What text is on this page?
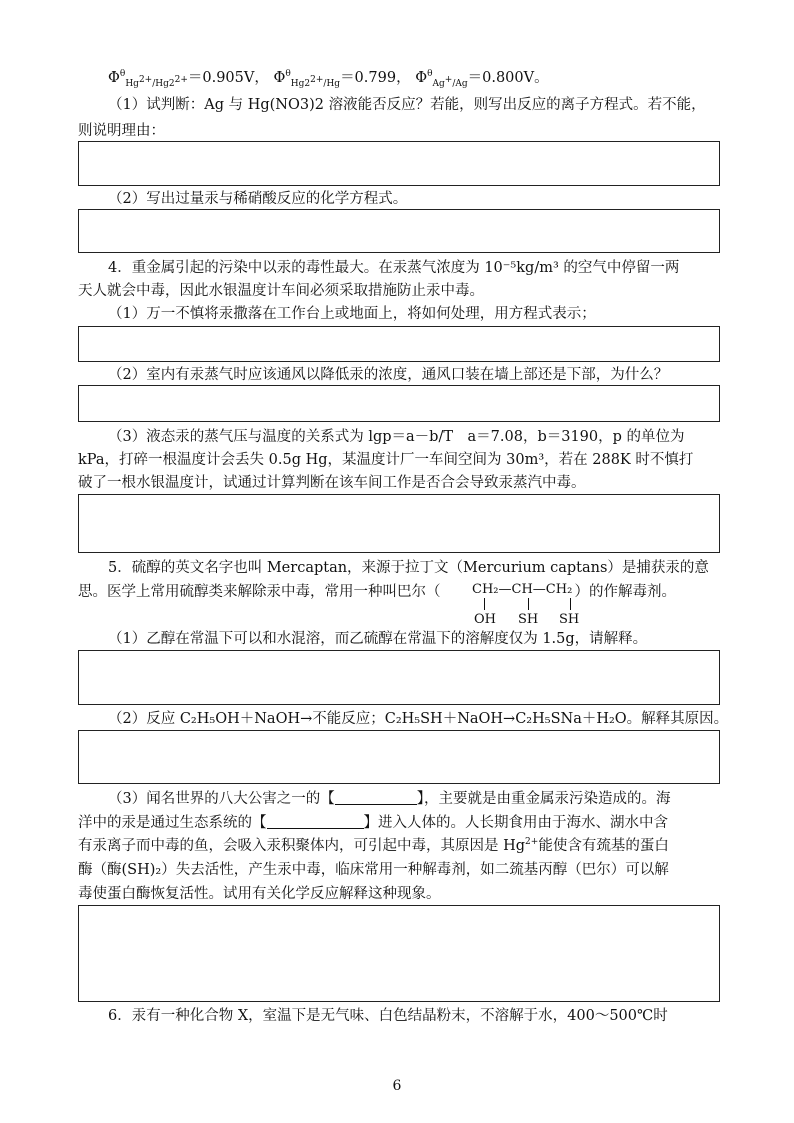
$\Phi^\theta_{Hg^{2+}/Hg2^{2+}}=0.905V$， $\Phi^\theta_{Hg2^{2+}/Hg}=0.799$， $\Phi^\theta_{Ag^+/Ag}=0.800V$。
（1）试判断：Ag 与 Hg(NO3)2 溶液能否反应？若能，则写出反应的离子方程式。若不能，
则说明理由：
（2）写出过量汞与稀硝酸反应的化学方程式。
4．重金属引起的污染中以汞的毒性最大。在汞蒸气浓度为 10⁻⁵kg/m³ 的空气中停留一两
天人就会中毒，因此水银温度计车间必须采取措施防止汞中毒。
（1）万一不慎将汞撒落在工作台上或地面上，将如何处理，用方程式表示；
（2）室内有汞蒸气时应该通风以降低汞的浓度，通风口装在墙上部还是下部，为什么？
（3）液态汞的蒸气压与温度的关系式为 lgp＝a－b/T　a＝7.08，b＝3190，p 的单位为
kPa，打碎一根温度计会丢失 0.5g Hg，某温度计厂一车间空间为 30m³，若在 288K 时不慎打
破了一根水银温度计，试通过计算判断在该车间工作是否合会导致汞蒸汽中毒。
5．硫醇的英文名字也叫 Mercaptan，来源于拉丁文（Mercurium captans）是捕获汞的意
思。医学上常用硫醇类来解除汞中毒，常用一种叫巴尔（	）的作解毒剂。
CH₂—CH—CH₂
OH SH SH
（1）乙醇在常温下可以和水混溶，而乙硫醇在常温下的溶解度仅为 1.5g，请解释。
（2）反应 C₂H₅OH＋NaOH→不能反应；C₂H₅SH＋NaOH→C₂H₅SNa＋H₂O。解释其原因。
（3）闻名世界的八大公害之一的【	】，主要就是由重金属汞污染造成的。海
洋中的汞是通过生态系统的【	】进入人体的。人长期食用由于海水、湖水中含
有汞离子而中毒的鱼，会吸入汞积聚体内，可引起中毒，其原因是 $Hg^{2+}$能使含有巯基的蛋白
酶（酶(SH)₂）失去活性，产生汞中毒，临床常用一种解毒剂，如二巯基丙醇（巴尔）可以解
毒使蛋白酶恢复活性。试用有关化学反应解释这种现象。
6．汞有一种化合物 X，室温下是无气味、白色结晶粉末，不溶解于水，400～500℃时
6
